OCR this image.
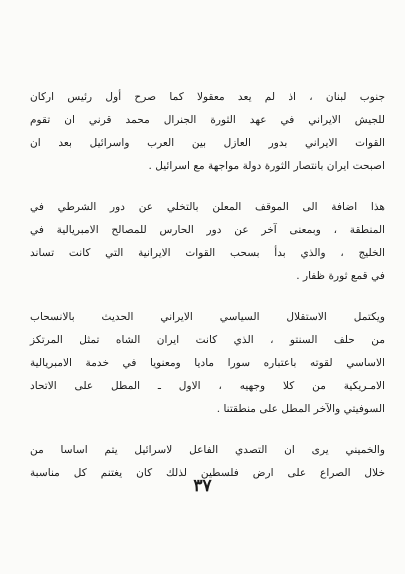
جنوب لبنان ، اذ لم يعد معقولا كما صرح أول رئيس اركان
للجيش الايراني في عهد الثورة الجنرال محمد قرني ان تقوم
القوات الايراني بدور العازل بين العرب واسرائيل بعد ان
اصبحت ايران بانتصار الثورة دولة مواجهة مع اسرائيل .

هذا اضافة الى الموقف المعلن بالتخلي عن دور الشرطي في
المنطقة ، وبمعنى آخر عن دور الحارس للمصالح الامبريالية في
الخليج ، والذي بدأ بسحب القوات الايرانية التي كانت تساند
في قمع ثورة ظفار .

ويكتمل الاستقلال السياسي الايراني الحديث بالانسحاب
من حلف السنتو ، الذي كانت ايران الشاه تمثل المرتكز
الاساسي لقوته باعتباره سورا ماديا ومعنويا في خدمة الامبريالية
الامـريكية من كلا وجهيه ، الاول ـ المطل على الاتحاد
السوفيتي والآخر المطل على منطقتنا .

والخميني يرى ان التصدي الفاعل لاسرائيل يتم اساسا من
خلال الصراع على ارض فلسطين لذلك كان يغتنم كل مناسبة

٣٧
